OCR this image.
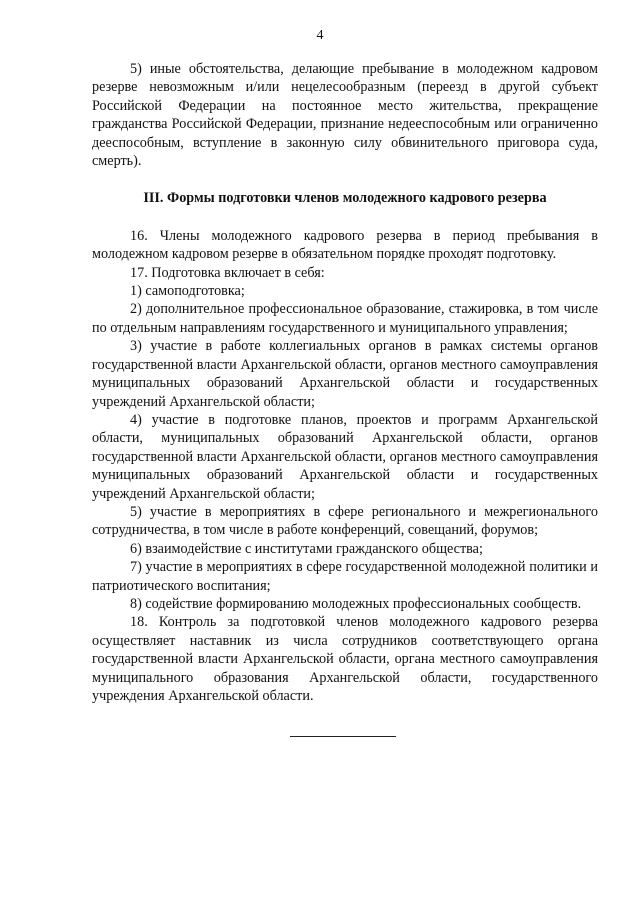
4

5) иные обстоятельства, делающие пребывание в молодежном кадровом резерве невозможным и/или нецелесообразным (переезд в другой субъект Российской Федерации на постоянное место жительства, прекращение гражданства Российской Федерации, признание недееспособным или ограниченно дееспособным, вступление в законную силу обвинительного приговора суда, смерть).

III. Формы подготовки членов молодежного кадрового резерва

16. Члены молодежного кадрового резерва в период пребывания в молодежном кадровом резерве в обязательном порядке проходят подготовку.

17. Подготовка включает в себя:

1) самоподготовка;

2) дополнительное профессиональное образование, стажировка, в том числе по отдельным направлениям государственного и муниципального управления;

3) участие в работе коллегиальных органов в рамках системы органов государственной власти Архангельской области, органов местного самоуправления муниципальных образований Архангельской области и государственных учреждений Архангельской области;

4) участие в подготовке планов, проектов и программ Архангельской области, муниципальных образований Архангельской области, органов государственной власти Архангельской области, органов местного самоуправления муниципальных образований Архангельской области и государственных учреждений Архангельской области;

5) участие в мероприятиях в сфере регионального и межрегионального сотрудничества, в том числе в работе конференций, совещаний, форумов;

6) взаимодействие с институтами гражданского общества;

7) участие в мероприятиях в сфере государственной молодежной политики и патриотического воспитания;

8) содействие формированию молодежных профессиональных сообществ.

18. Контроль за подготовкой членов молодежного кадрового резерва осуществляет наставник из числа сотрудников соответствующего органа государственной власти Архангельской области, органа местного самоуправления муниципального образования Архангельской области, государственного учреждения Архангельской области.
